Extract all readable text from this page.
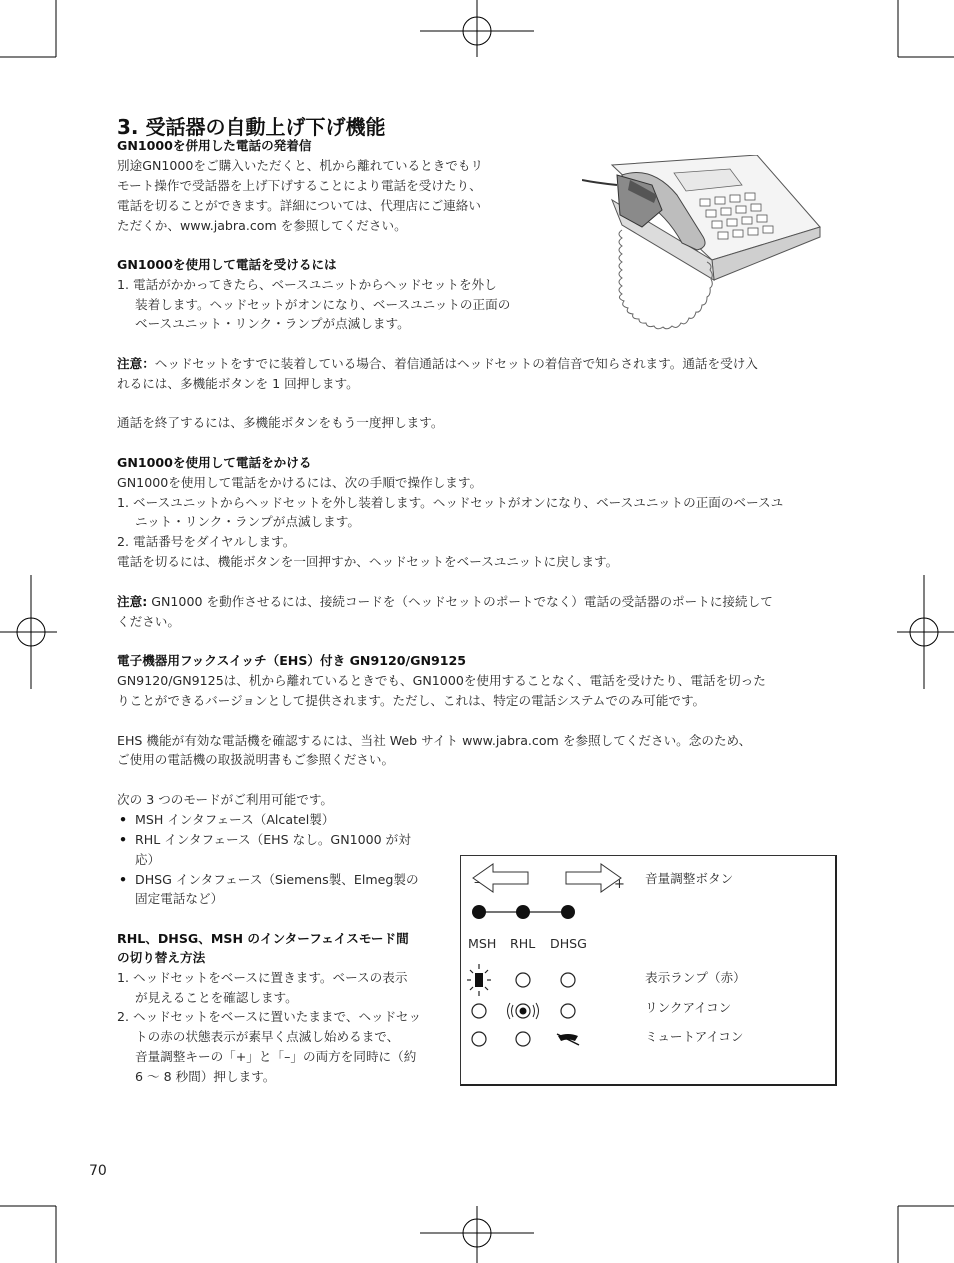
3. 受話器の自動上げ下げ機能
GN1000を併用した電話の発着信
別途GN1000をご購入いただくと、机から離れているときでもリ
モート操作で受話器を上げ下げすることにより電話を受けたり、
電話を切ることができます。詳細については、代理店にご連絡い
ただくか、www.jabra.com を参照してください。
GN1000を使用して電話を受けるには
1. 電話がかかってきたら、ベースユニットからヘッドセットを外し
装着します。ヘッドセットがオンになり、ベースユニットの正面の
ベースユニット・リンク・ランプが点滅します。
注意：ヘッドセットをすでに装着している場合、着信通話はヘッドセットの着信音で知らされます。通話を受け入
れるには、多機能ボタンを 1 回押します。
通話を終了するには、多機能ボタンをもう一度押します。
GN1000を使用して電話をかける
GN1000を使用して電話をかけるには、次の手順で操作します。
1. ベースユニットからヘッドセットを外し装着します。ヘッドセットがオンになり、ベースユニットの正面のベースユ
ニット・リンク・ランプが点滅します。
2. 電話番号をダイヤルします。
電話を切るには、機能ボタンを一回押すか、ヘッドセットをベースユニットに戻します。
注意: GN1000 を動作させるには、接続コードを（ヘッドセットのポートでなく）電話の受話器のポートに接続して
ください。
電子機器用フックスイッチ（EHS）付き GN9120/GN9125
GN9120/GN9125は、机から離れているときでも、GN1000を使用することなく、電話を受けたり、電話を切った
りことができるバージョンとして提供されます。ただし、これは、特定の電話システムでのみ可能です。
EHS 機能が有効な電話機を確認するには、当社 Web サイト www.jabra.com を参照してください。念のため、
ご使用の電話機の取扱説明書もご参照ください。
次の 3 つのモードがご利用可能です。
• MSH インタフェース（Alcatel製）
• RHL インタフェース（EHS なし。GN1000 が対
応）
• DHSG インタフェース（Siemens製、Elmeg製の
固定電話など）
RHL、DHSG、MSH のインターフェイスモード間
の切り替え方法
1. ヘッドセットをベースに置きます。ベースの表示
が見えることを確認します。
2. ヘッドセットをベースに置いたままで、ヘッドセッ
トの赤の状態表示が素早く点滅し始めるまで、
音量調整キーの「+」と「–」の両方を同時に（約
6 ～ 8 秒間）押します。
–	+ 音量調整ボタン
MSH RHL DHSG
表示ランプ（赤）
リンクアイコン
ミュートアイコン
70
